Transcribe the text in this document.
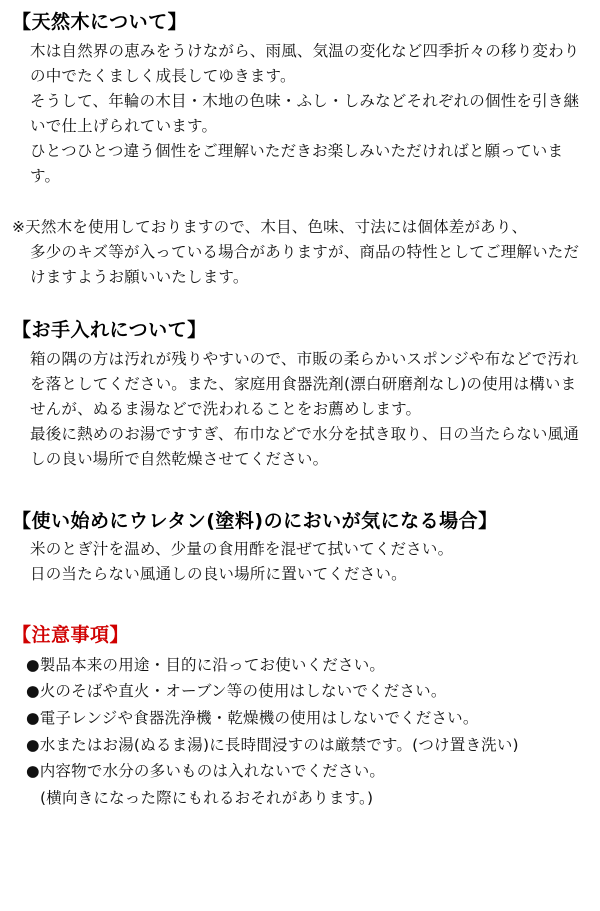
【天然木について】

木は自然界の恵みをうけながら、雨風、気温の変化など四季折々の移り変わりの中でたくましく成長してゆきます。

そうして、年輪の木目・木地の色味・ふし・しみなどそれぞれの個性を引き継いで仕上げられています。

ひとつひとつ違う個性をご理解いただきお楽しみいただければと願っています。

※天然木を使用しておりますので、木目、色味、寸法には個体差があり、
多少のキズ等が入っている場合がありますが、商品の特性としてご理解いただけますようお願いいたします。
【お手入れについて】

箱の隅の方は汚れが残りやすいので、市販の柔らかいスポンジや布などで汚れを落としてください。また、家庭用食器洗剤(漂白研磨剤なし)の使用は構いませんが、ぬるま湯などで洗われることをお薦めします。

最後に熱めのお湯ですすぎ、布巾などで水分を拭き取り、日の当たらない風通しの良い場所で自然乾燥させてください。

【使い始めにウレタン(塗料)のにおいが気になる場合】

米のとぎ汁を温め、少量の食用酢を混ぜて拭いてください。

日の当たらない風通しの良い場所に置いてください。

【注意事項】
●製品本来の用途・目的に沿ってお使いください。
●火のそばや直火・オーブン等の使用はしないでください。
●電子レンジや食器洗浄機・乾燥機の使用はしないでください。
●水またはお湯(ぬるま湯)に長時間浸すのは厳禁です。(つけ置き洗い)
●内容物で水分の多いものは入れないでください。
(横向きになった際にもれるおそれがあります。)
